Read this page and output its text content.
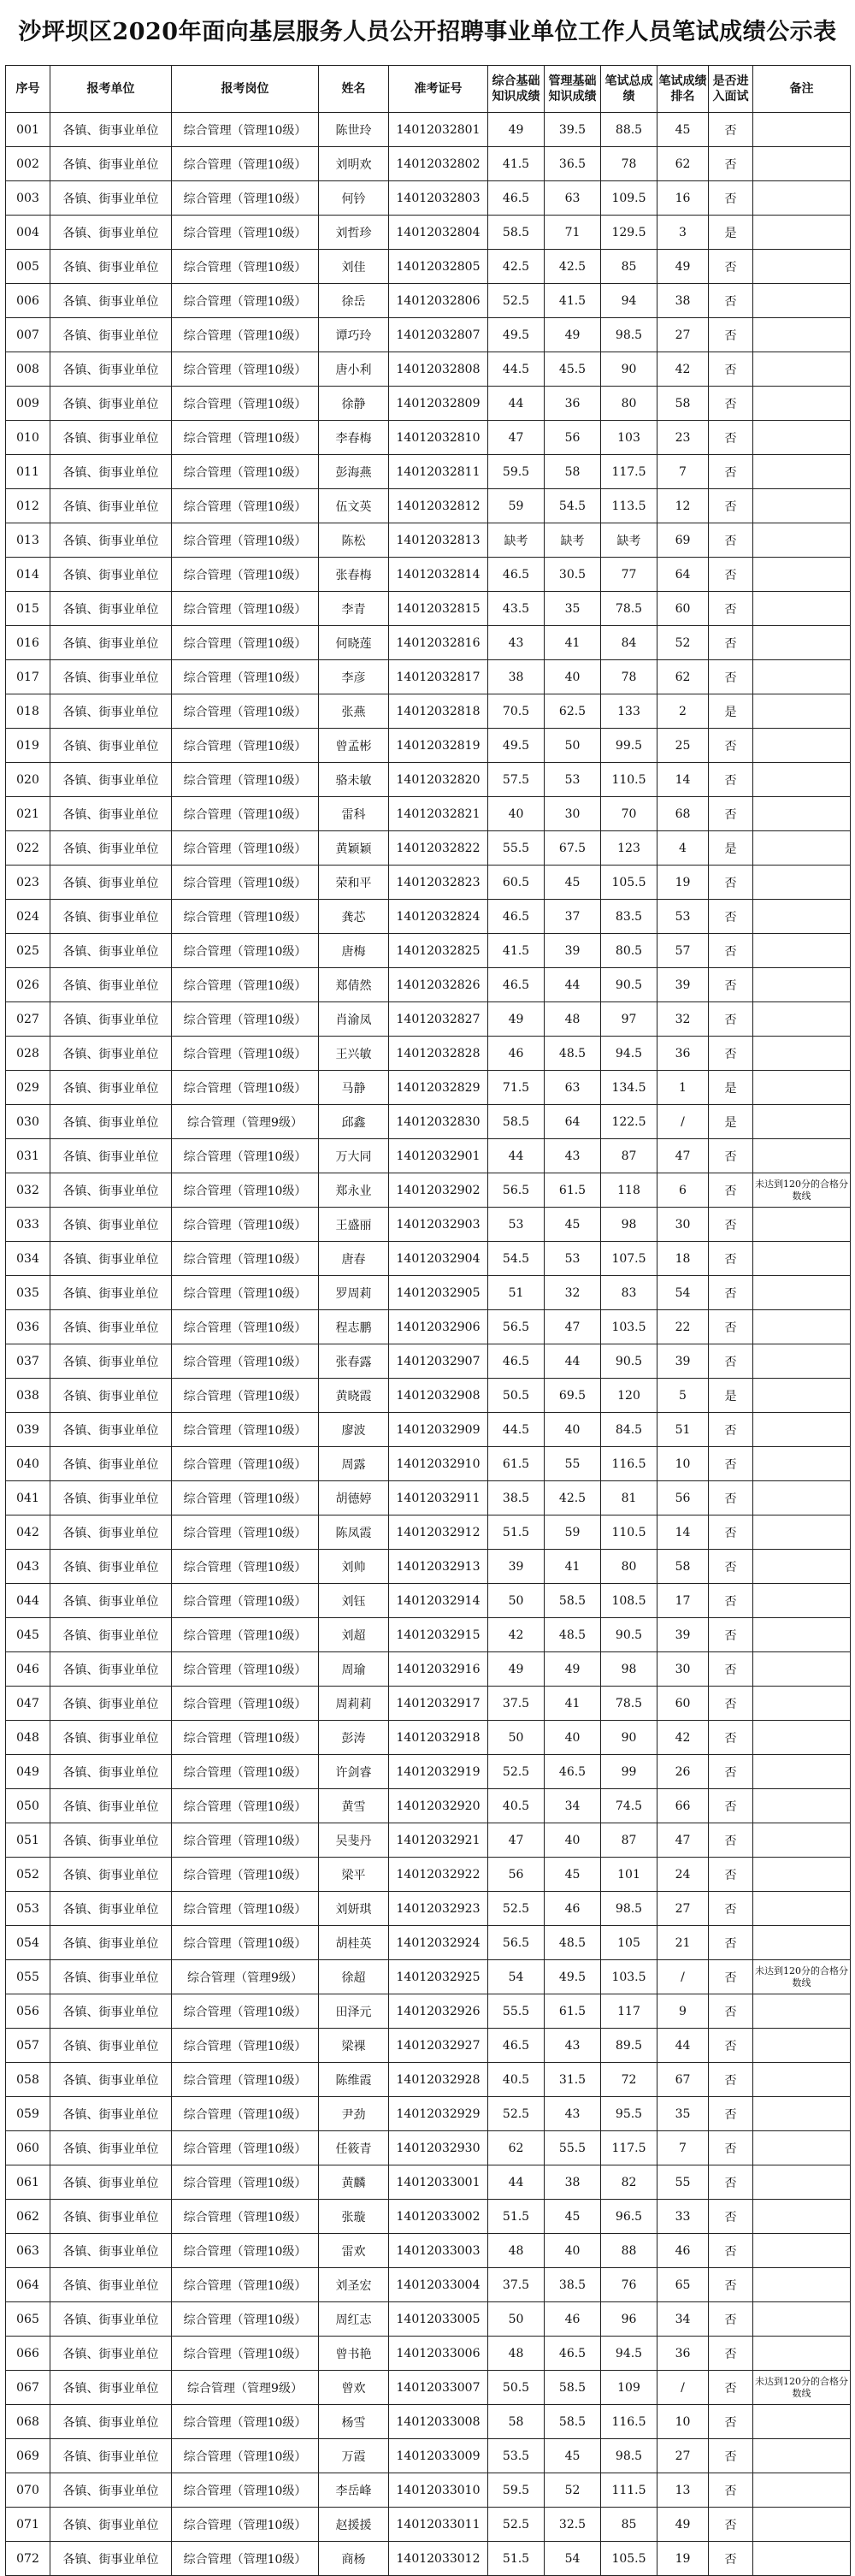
沙坪坝区2020年面向基层服务人员公开招聘事业单位工作人员笔试成绩公示表
序号	报考单位	报考岗位	姓名	准考证号	综合基础知识成绩	管理基础知识成绩	笔试总成绩	笔试成绩排名	是否进入面试	备注
001	各镇、街事业单位	综合管理（管理10级）	陈世玲	14012032801	49	39.5	88.5	45	否	
002	各镇、街事业单位	综合管理（管理10级）	刘明欢	14012032802	41.5	36.5	78	62	否	
003	各镇、街事业单位	综合管理（管理10级）	何钤	14012032803	46.5	63	109.5	16	否	
004	各镇、街事业单位	综合管理（管理10级）	刘哲珍	14012032804	58.5	71	129.5	3	是	
005	各镇、街事业单位	综合管理（管理10级）	刘佳	14012032805	42.5	42.5	85	49	否	
006	各镇、街事业单位	综合管理（管理10级）	徐岳	14012032806	52.5	41.5	94	38	否	
007	各镇、街事业单位	综合管理（管理10级）	谭巧玲	14012032807	49.5	49	98.5	27	否	
008	各镇、街事业单位	综合管理（管理10级）	唐小利	14012032808	44.5	45.5	90	42	否	
009	各镇、街事业单位	综合管理（管理10级）	徐静	14012032809	44	36	80	58	否	
010	各镇、街事业单位	综合管理（管理10级）	李春梅	14012032810	47	56	103	23	否	
011	各镇、街事业单位	综合管理（管理10级）	彭海燕	14012032811	59.5	58	117.5	7	否	
012	各镇、街事业单位	综合管理（管理10级）	伍文英	14012032812	59	54.5	113.5	12	否	
013	各镇、街事业单位	综合管理（管理10级）	陈松	14012032813	缺考	缺考	缺考	69	否	
014	各镇、街事业单位	综合管理（管理10级）	张春梅	14012032814	46.5	30.5	77	64	否	
015	各镇、街事业单位	综合管理（管理10级）	李青	14012032815	43.5	35	78.5	60	否	
016	各镇、街事业单位	综合管理（管理10级）	何晓莲	14012032816	43	41	84	52	否	
017	各镇、街事业单位	综合管理（管理10级）	李彦	14012032817	38	40	78	62	否	
018	各镇、街事业单位	综合管理（管理10级）	张燕	14012032818	70.5	62.5	133	2	是	
019	各镇、街事业单位	综合管理（管理10级）	曾孟彬	14012032819	49.5	50	99.5	25	否	
020	各镇、街事业单位	综合管理（管理10级）	骆未敏	14012032820	57.5	53	110.5	14	否	
021	各镇、街事业单位	综合管理（管理10级）	雷科	14012032821	40	30	70	68	否	
022	各镇、街事业单位	综合管理（管理10级）	黄颖颖	14012032822	55.5	67.5	123	4	是	
023	各镇、街事业单位	综合管理（管理10级）	荣和平	14012032823	60.5	45	105.5	19	否	
024	各镇、街事业单位	综合管理（管理10级）	龚芯	14012032824	46.5	37	83.5	53	否	
025	各镇、街事业单位	综合管理（管理10级）	唐梅	14012032825	41.5	39	80.5	57	否	
026	各镇、街事业单位	综合管理（管理10级）	郑倩然	14012032826	46.5	44	90.5	39	否	
027	各镇、街事业单位	综合管理（管理10级）	肖渝凤	14012032827	49	48	97	32	否	
028	各镇、街事业单位	综合管理（管理10级）	王兴敏	14012032828	46	48.5	94.5	36	否	
029	各镇、街事业单位	综合管理（管理10级）	马静	14012032829	71.5	63	134.5	1	是	
030	各镇、街事业单位	综合管理（管理9级）	邱鑫	14012032830	58.5	64	122.5	/	是	
031	各镇、街事业单位	综合管理（管理10级）	万大同	14012032901	44	43	87	47	否	
032	各镇、街事业单位	综合管理（管理10级）	郑永业	14012032902	56.5	61.5	118	6	否	未达到120分的合格分数线
033	各镇、街事业单位	综合管理（管理10级）	王盛丽	14012032903	53	45	98	30	否	
034	各镇、街事业单位	综合管理（管理10级）	唐春	14012032904	54.5	53	107.5	18	否	
035	各镇、街事业单位	综合管理（管理10级）	罗周莉	14012032905	51	32	83	54	否	
036	各镇、街事业单位	综合管理（管理10级）	程志鹏	14012032906	56.5	47	103.5	22	否	
037	各镇、街事业单位	综合管理（管理10级）	张春露	14012032907	46.5	44	90.5	39	否	
038	各镇、街事业单位	综合管理（管理10级）	黄晓霞	14012032908	50.5	69.5	120	5	是	
039	各镇、街事业单位	综合管理（管理10级）	廖波	14012032909	44.5	40	84.5	51	否	
040	各镇、街事业单位	综合管理（管理10级）	周露	14012032910	61.5	55	116.5	10	否	
041	各镇、街事业单位	综合管理（管理10级）	胡德婷	14012032911	38.5	42.5	81	56	否	
042	各镇、街事业单位	综合管理（管理10级）	陈凤霞	14012032912	51.5	59	110.5	14	否	
043	各镇、街事业单位	综合管理（管理10级）	刘帅	14012032913	39	41	80	58	否	
044	各镇、街事业单位	综合管理（管理10级）	刘钰	14012032914	50	58.5	108.5	17	否	
045	各镇、街事业单位	综合管理（管理10级）	刘超	14012032915	42	48.5	90.5	39	否	
046	各镇、街事业单位	综合管理（管理10级）	周瑜	14012032916	49	49	98	30	否	
047	各镇、街事业单位	综合管理（管理10级）	周莉莉	14012032917	37.5	41	78.5	60	否	
048	各镇、街事业单位	综合管理（管理10级）	彭涛	14012032918	50	40	90	42	否	
049	各镇、街事业单位	综合管理（管理10级）	许剑睿	14012032919	52.5	46.5	99	26	否	
050	各镇、街事业单位	综合管理（管理10级）	黄雪	14012032920	40.5	34	74.5	66	否	
051	各镇、街事业单位	综合管理（管理10级）	吴斐丹	14012032921	47	40	87	47	否	
052	各镇、街事业单位	综合管理（管理10级）	梁平	14012032922	56	45	101	24	否	
053	各镇、街事业单位	综合管理（管理10级）	刘妍琪	14012032923	52.5	46	98.5	27	否	
054	各镇、街事业单位	综合管理（管理10级）	胡桂英	14012032924	56.5	48.5	105	21	否	
055	各镇、街事业单位	综合管理（管理9级）	徐超	14012032925	54	49.5	103.5	/	否	未达到120分的合格分数线
056	各镇、街事业单位	综合管理（管理10级）	田泽元	14012032926	55.5	61.5	117	9	否	
057	各镇、街事业单位	综合管理（管理10级）	梁裸	14012032927	46.5	43	89.5	44	否	
058	各镇、街事业单位	综合管理（管理10级）	陈维霞	14012032928	40.5	31.5	72	67	否	
059	各镇、街事业单位	综合管理（管理10级）	尹劲	14012032929	52.5	43	95.5	35	否	
060	各镇、街事业单位	综合管理（管理10级）	任筱青	14012032930	62	55.5	117.5	7	否	
061	各镇、街事业单位	综合管理（管理10级）	黄麟	14012033001	44	38	82	55	否	
062	各镇、街事业单位	综合管理（管理10级）	张璇	14012033002	51.5	45	96.5	33	否	
063	各镇、街事业单位	综合管理（管理10级）	雷欢	14012033003	48	40	88	46	否	
064	各镇、街事业单位	综合管理（管理10级）	刘圣宏	14012033004	37.5	38.5	76	65	否	
065	各镇、街事业单位	综合管理（管理10级）	周红志	14012033005	50	46	96	34	否	
066	各镇、街事业单位	综合管理（管理10级）	曾书艳	14012033006	48	46.5	94.5	36	否	
067	各镇、街事业单位	综合管理（管理9级）	曾欢	14012033007	50.5	58.5	109	/	否	未达到120分的合格分数线
068	各镇、街事业单位	综合管理（管理10级）	杨雪	14012033008	58	58.5	116.5	10	否	
069	各镇、街事业单位	综合管理（管理10级）	万霞	14012033009	53.5	45	98.5	27	否	
070	各镇、街事业单位	综合管理（管理10级）	李岳峰	14012033010	59.5	52	111.5	13	否	
071	各镇、街事业单位	综合管理（管理10级）	赵援援	14012033011	52.5	32.5	85	49	否	
072	各镇、街事业单位	综合管理（管理10级）	商杨	14012033012	51.5	54	105.5	19	否	
